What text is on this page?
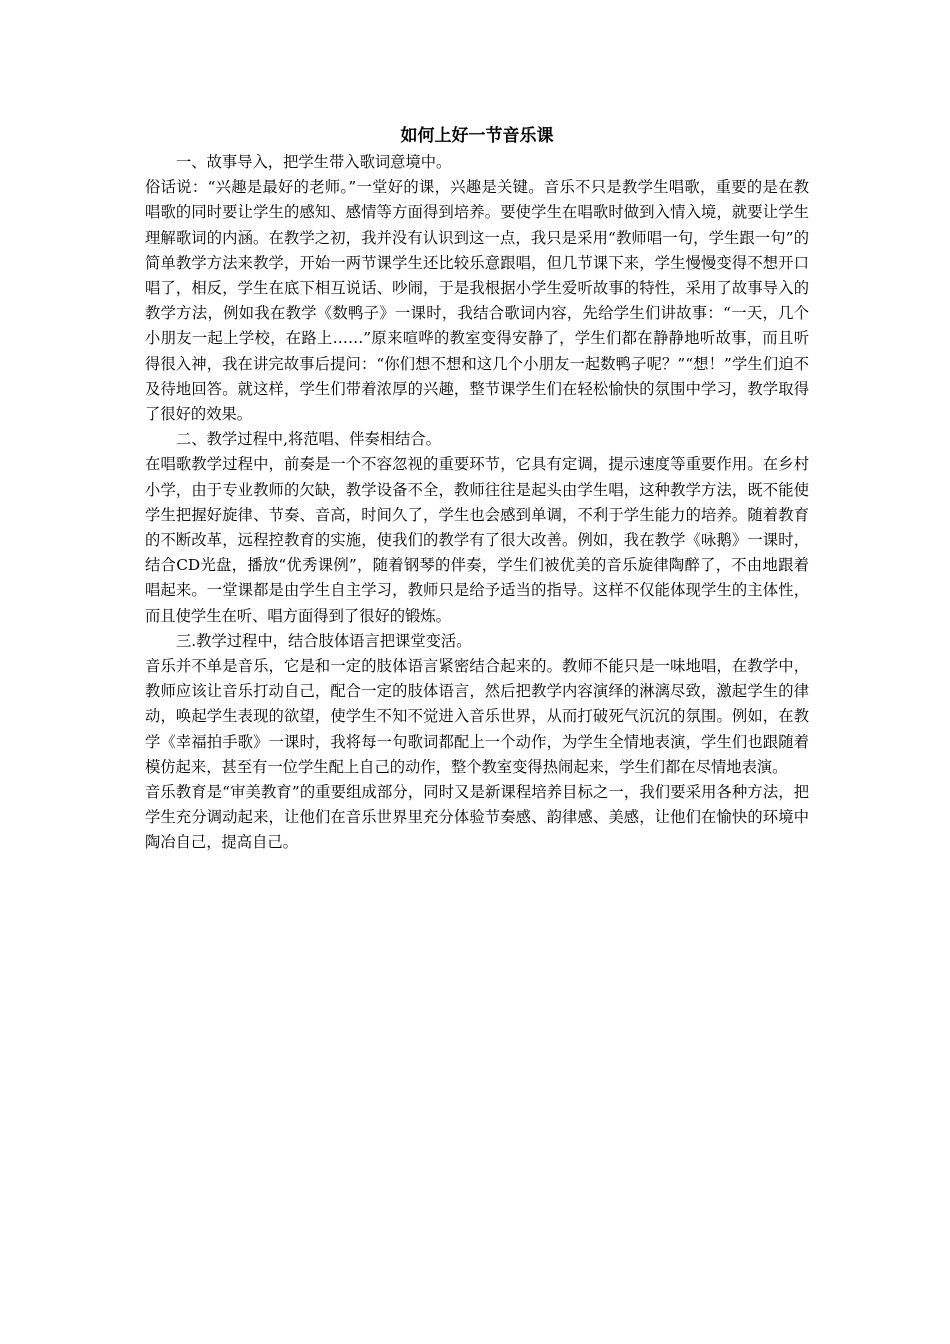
如何上好一节音乐课

一、故事导入，把学生带入歌词意境中。

俗话说：“兴趣是最好的老师。”一堂好的课，兴趣是关键。音乐不只是教学生唱歌，重要的是在教唱歌的同时要让学生的感知、感情等方面得到培养。要使学生在唱歌时做到入情入境，就要让学生理解歌词的内涵。在教学之初，我并没有认识到这一点，我只是采用“教师唱一句，学生跟一句”的简单教学方法来教学，开始一两节课学生还比较乐意跟唱，但几节课下来，学生慢慢变得不想开口唱了，相反，学生在底下相互说话、吵闹，于是我根据小学生爱听故事的特性，采用了故事导入的教学方法，例如我在教学《数鸭子》一课时，我结合歌词内容，先给学生们讲故事：“一天，几个小朋友一起上学校，在路上……”原来喧哗的教室变得安静了，学生们都在静静地听故事，而且听得很入神，我在讲完故事后提问：“你们想不想和这几个小朋友一起数鸭子呢？”“想！”学生们迫不及待地回答。就这样，学生们带着浓厚的兴趣，整节课学生们在轻松愉快的氛围中学习，教学取得了很好的效果。

二、教学过程中,将范唱、伴奏相结合。

在唱歌教学过程中，前奏是一个不容忽视的重要环节，它具有定调，提示速度等重要作用。在乡村小学，由于专业教师的欠缺，教学设备不全，教师往往是起头由学生唱，这种教学方法，既不能使学生把握好旋律、节奏、音高，时间久了，学生也会感到单调，不利于学生能力的培养。随着教育的不断改革，远程控教育的实施，使我们的教学有了很大改善。例如，我在教学《咏鹅》一课时，结合CD光盘，播放“优秀课例”，随着钢琴的伴奏，学生们被优美的音乐旋律陶醉了，不由地跟着唱起来。一堂课都是由学生自主学习，教师只是给予适当的指导。这样不仅能体现学生的主体性，而且使学生在听、唱方面得到了很好的锻炼。

三.教学过程中，结合肢体语言把课堂变活。

音乐并不单是音乐，它是和一定的肢体语言紧密结合起来的。教师不能只是一味地唱，在教学中，教师应该让音乐打动自己，配合一定的肢体语言，然后把教学内容演绎的淋漓尽致，激起学生的律动，唤起学生表现的欲望，使学生不知不觉进入音乐世界，从而打破死气沉沉的氛围。例如，在教学《幸福拍手歌》一课时，我将每一句歌词都配上一个动作，为学生全情地表演，学生们也跟随着模仿起来，甚至有一位学生配上自己的动作，整个教室变得热闹起来，学生们都在尽情地表演。

音乐教育是“审美教育”的重要组成部分，同时又是新课程培养目标之一，我们要采用各种方法，把学生充分调动起来，让他们在音乐世界里充分体验节奏感、韵律感、美感，让他们在愉快的环境中陶冶自己，提高自己。
